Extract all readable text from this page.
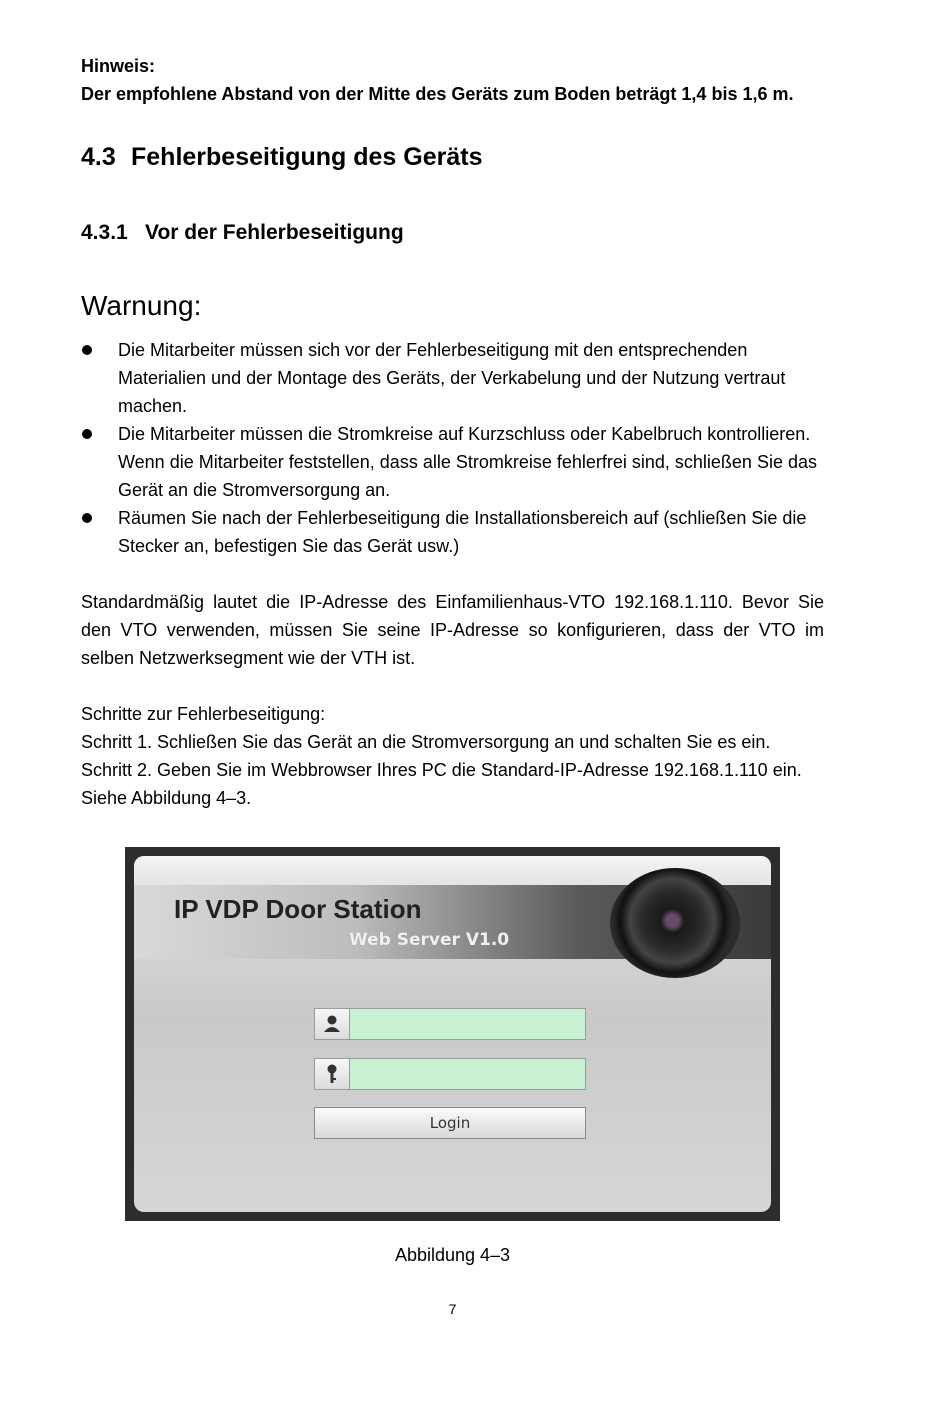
Hinweis:

Der empfohlene Abstand von der Mitte des Geräts zum Boden beträgt 1,4 bis 1,6 m.

4.3 Fehlerbeseitigung des Geräts
4.3.1 Vor der Fehlerbeseitigung
Warnung:
Die Mitarbeiter müssen sich vor der Fehlerbeseitigung mit den entsprechenden Materialien und der Montage des Geräts, der Verkabelung und der Nutzung vertraut machen.
Die Mitarbeiter müssen die Stromkreise auf Kurzschluss oder Kabelbruch kontrollieren. Wenn die Mitarbeiter feststellen, dass alle Stromkreise fehlerfrei sind, schließen Sie das Gerät an die Stromversorgung an.
Räumen Sie nach der Fehlerbeseitigung die Installationsbereich auf (schließen Sie die Stecker an, befestigen Sie das Gerät usw.)

Standardmäßig lautet die IP-Adresse des Einfamilienhaus-VTO 192.168.1.110. Bevor Sie den VTO verwenden, müssen Sie seine IP-Adresse so konfigurieren, dass der VTO im selben Netzwerksegment wie der VTH ist.

Schritte zur Fehlerbeseitigung:

Schritt 1. Schließen Sie das Gerät an die Stromversorgung an und schalten Sie es ein.

Schritt 2. Geben Sie im Webbrowser Ihres PC die Standard-IP-Adresse 192.168.1.110 ein.

Siehe Abbildung 4–3.

IP VDP Door Station
Web Server V1.0
Login

Abbildung 4–3

7
